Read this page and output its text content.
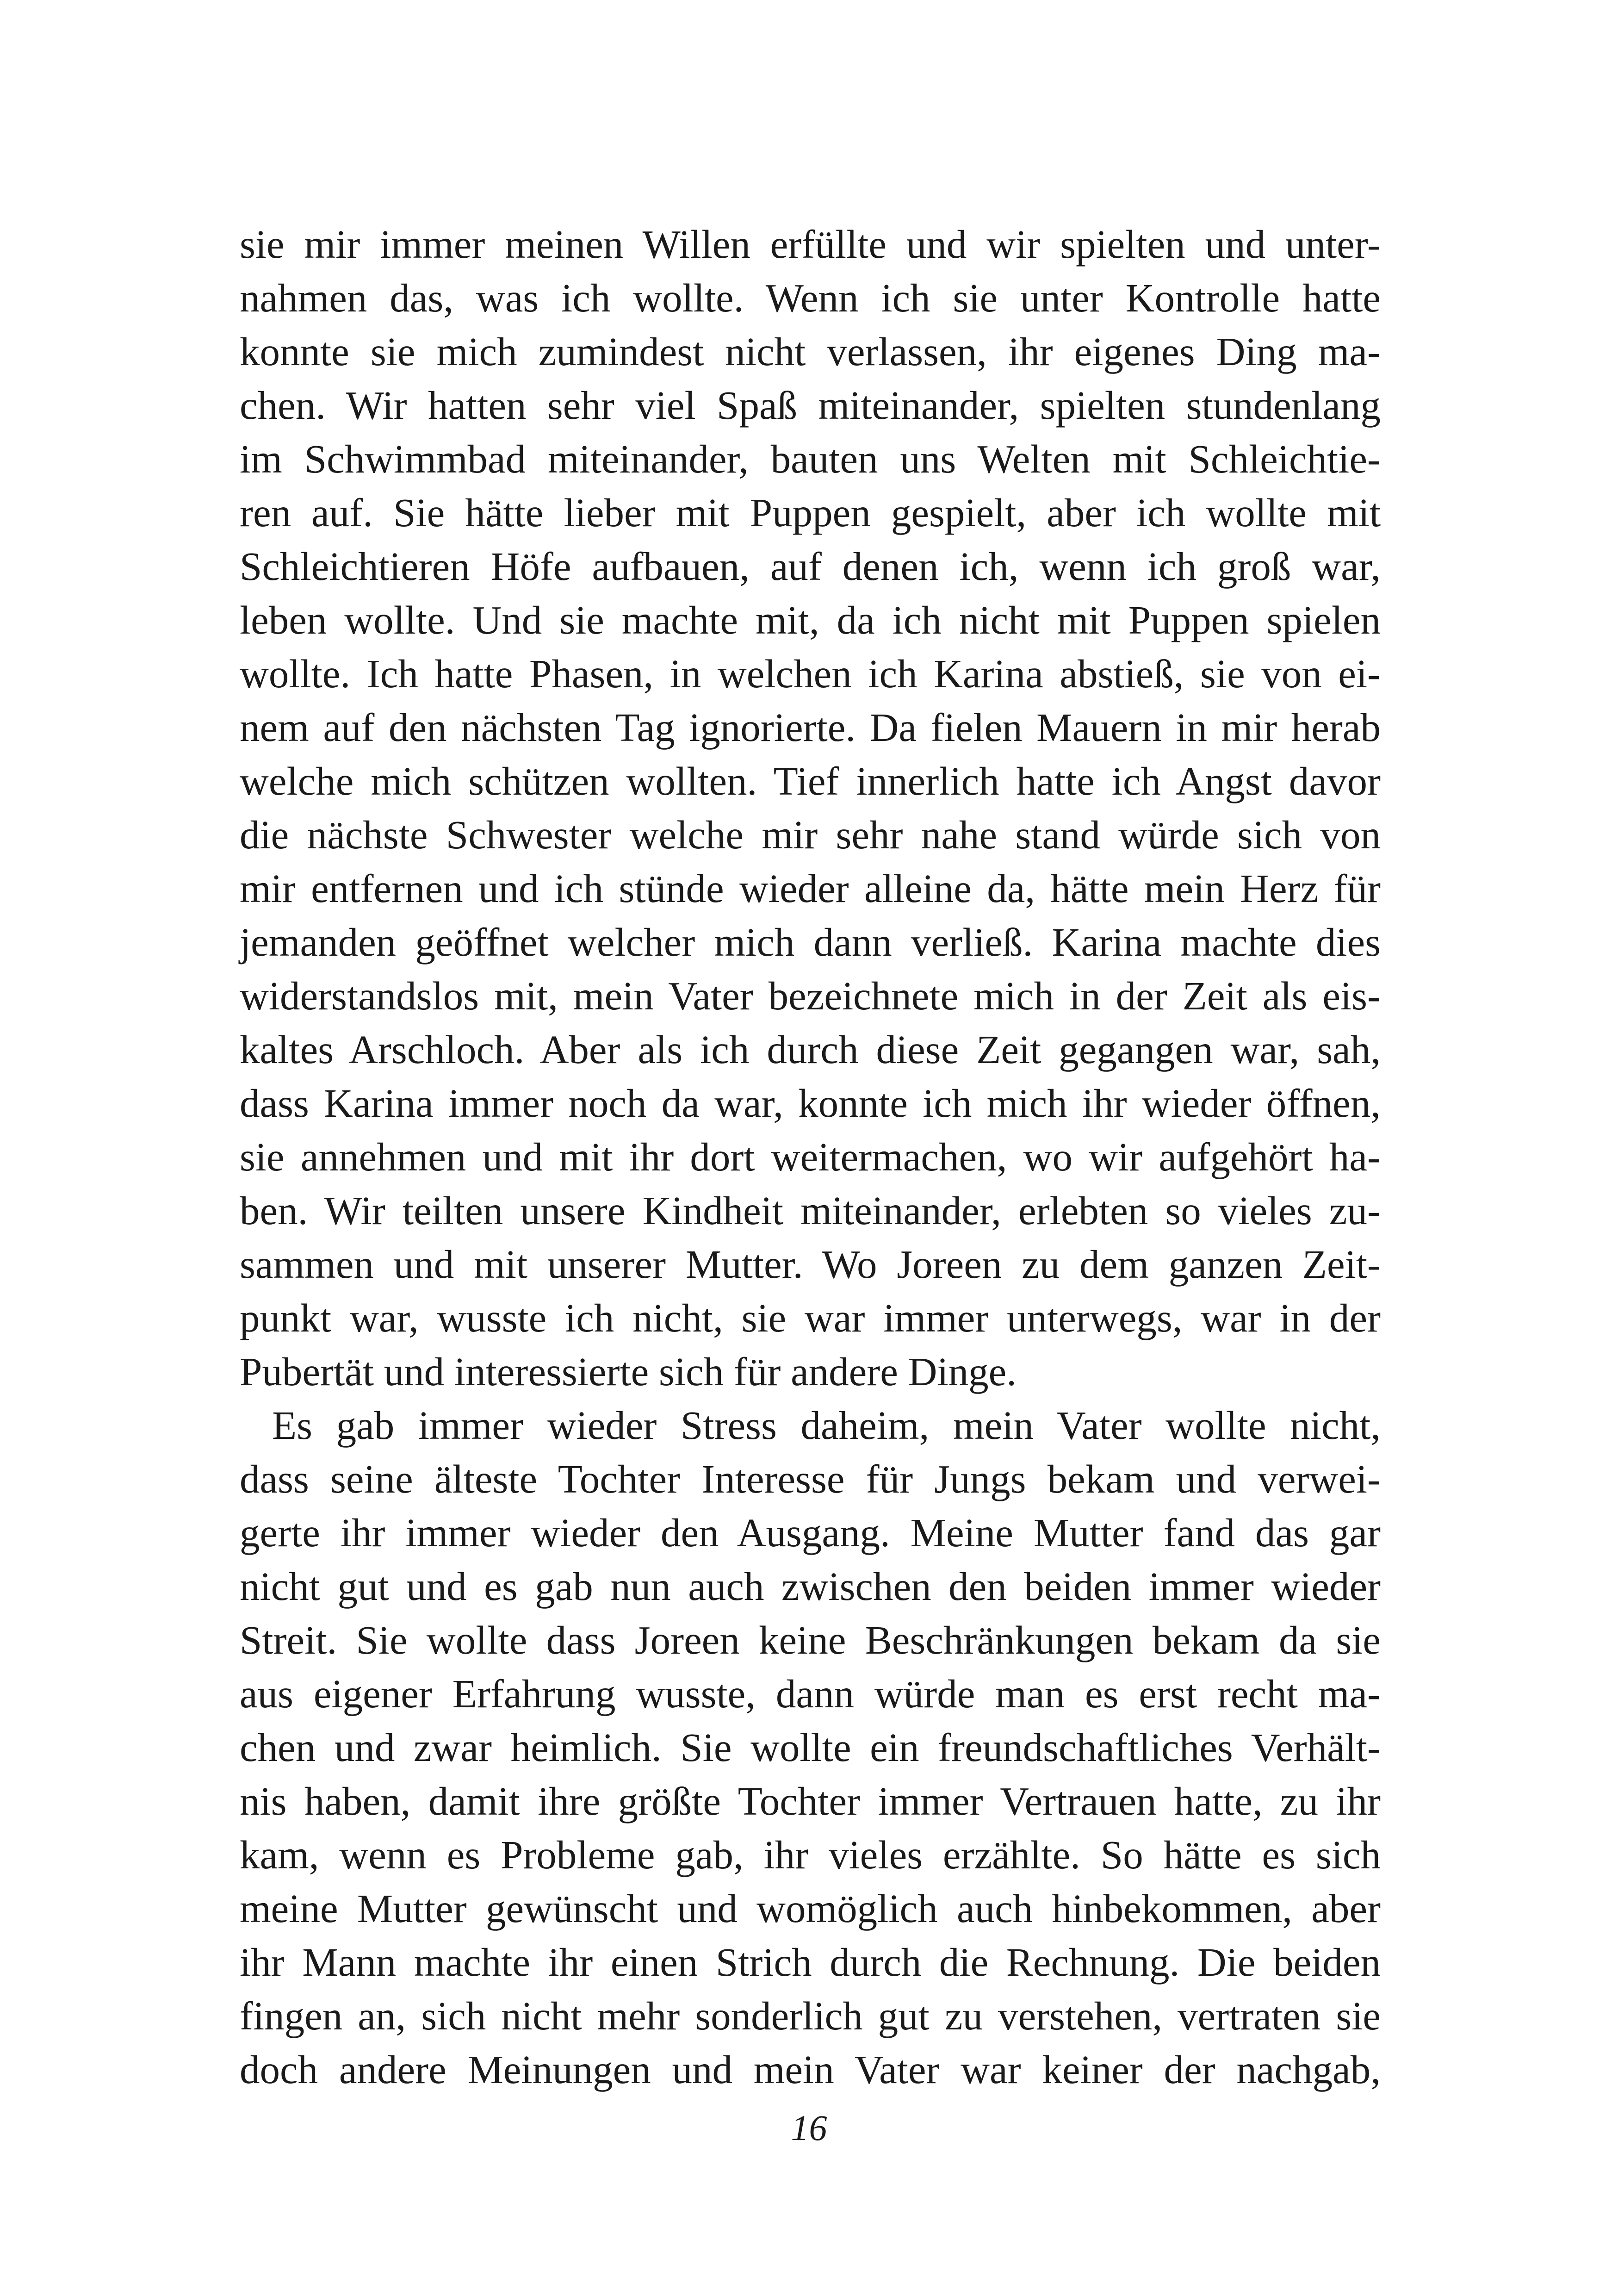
sie mir immer meinen Willen erfüllte und wir spielten und unter-
nahmen das, was ich wollte. Wenn ich sie unter Kontrolle hatte
konnte sie mich zumindest nicht verlassen, ihr eigenes Ding ma-
chen. Wir hatten sehr viel Spaß miteinander, spielten stundenlang
im Schwimmbad miteinander, bauten uns Welten mit Schleichtie-
ren auf. Sie hätte lieber mit Puppen gespielt, aber ich wollte mit
Schleichtieren Höfe aufbauen, auf denen ich, wenn ich groß war,
leben wollte. Und sie machte mit, da ich nicht mit Puppen spielen
wollte. Ich hatte Phasen, in welchen ich Karina abstieß, sie von ei-
nem auf den nächsten Tag ignorierte. Da fielen Mauern in mir herab
welche mich schützen wollten. Tief innerlich hatte ich Angst davor
die nächste Schwester welche mir sehr nahe stand würde sich von
mir entfernen und ich stünde wieder alleine da, hätte mein Herz für
jemanden geöffnet welcher mich dann verließ. Karina machte dies
widerstandslos mit, mein Vater bezeichnete mich in der Zeit als eis-
kaltes Arschloch. Aber als ich durch diese Zeit gegangen war, sah,
dass Karina immer noch da war, konnte ich mich ihr wieder öffnen,
sie annehmen und mit ihr dort weitermachen, wo wir aufgehört ha-
ben. Wir teilten unsere Kindheit miteinander, erlebten so vieles zu-
sammen und mit unserer Mutter. Wo Joreen zu dem ganzen Zeit-
punkt war, wusste ich nicht, sie war immer unterwegs, war in der
Pubertät und interessierte sich für andere Dinge.
Es gab immer wieder Stress daheim, mein Vater wollte nicht,
dass seine älteste Tochter Interesse für Jungs bekam und verwei-
gerte ihr immer wieder den Ausgang. Meine Mutter fand das gar
nicht gut und es gab nun auch zwischen den beiden immer wieder
Streit. Sie wollte dass Joreen keine Beschränkungen bekam da sie
aus eigener Erfahrung wusste, dann würde man es erst recht ma-
chen und zwar heimlich. Sie wollte ein freundschaftliches Verhält-
nis haben, damit ihre größte Tochter immer Vertrauen hatte, zu ihr
kam, wenn es Probleme gab, ihr vieles erzählte. So hätte es sich
meine Mutter gewünscht und womöglich auch hinbekommen, aber
ihr Mann machte ihr einen Strich durch die Rechnung. Die beiden
fingen an, sich nicht mehr sonderlich gut zu verstehen, vertraten sie
doch andere Meinungen und mein Vater war keiner der nachgab,
16
